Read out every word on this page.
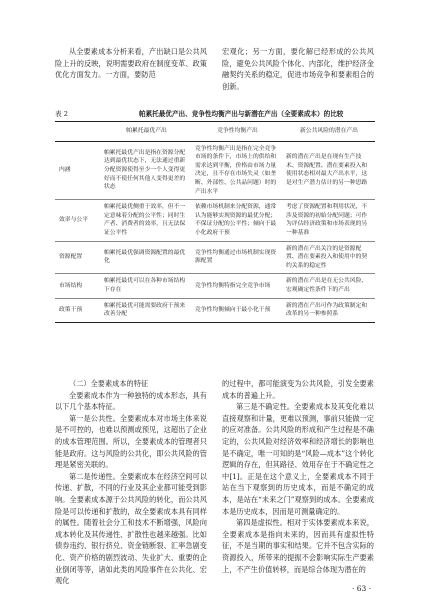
从全要素成本分析来看，产出缺口是公共风险上升的反映，说明需要政府在制度变革、政策优化方面发力。一方面，要防范

宏观化；另一方面，要化解已经形成的公共风险，避免公共风险个体化、内部化，维护经济金融契约关系的稳定，促进市场竞争和要素组合的创新。

表 2	帕累托最优产出、竞争性均衡产出与新潜在产出（全要素成本）的比较
	帕累托最优产出	竞争性均衡产出	新公共风险的潜在产出
内涵	帕累托最优产出是指在资源分配达到最优状态下，无法通过重新分配资源使得至少一个人变得更好而不使任何其他人变得更差的状态	竞争性均衡产出是指在完全竞争市场的条件下，市场上的供给和需求达到平衡，价格由市场力量决定，且不存在市场失灵（如垄断、外部性、公共品问题）时的产出水平	新的潜在产出是在现有生产技术、资源配置、潜在要素投入和使用状态相对最大产出水平，这是对生产潜力估计的另一种思路
效率与公平	帕累托最优侧重于效率，但不一定意味着分配的公平性；同时生产者、消费者的效率，且无法保证公平性	依赖市场机制来分配资源，通常认为能够实现资源的最优分配；不保证分配的公平性；倾向于最小化政府干预	考虑了资源配置和利用状况，不涉及资源的初始分配问题；可作为评估经济政策和市场表现的另一种基准
资源配置	帕累托最优强调资源配置的最优化	竞争性均衡通过市场机制实现资源配置	新的潜在产出关注的是资源配置、潜在要素投入和使用中的契约关系的稳定性
市场结构	帕累托最优可以在各种市场结构下存在	竞争性均衡特指完全竞争市场	新的潜在产出是在无公共风险、宏观确定性条件下的产出
政策干预	帕累托最优可能需要政府干预来改善分配	竞争性均衡倾向于最小化干预	新的潜在产出可作为政策制定和改革的另一种参照系

（二）全要素成本的特征

全要素成本作为一种独特的成本形态，具有以下几个基本特征。

第一是公共性。全要素成本对市场主体来说是不可控的，也难以预测或预见，这超出了企业的成本管理范围。所以，全要素成本的管理者只能是政府。这与风险的公共化，即公共风险的管理是紧密关联的。

第二是传递性。全要素成本在经济空间可以传递、扩散，不同的行业及其企业都可能受到影响。全要素成本源于公共风险的转化，而公共风险是可以传递和扩散的，故全要素成本具有同样的属性。随着社会分工和技术不断增强，风险向成本转化及其传递性、扩散性也越来越强。比如债券违约、银行挤兑、资金链断裂、汇率急剧变化、资产价格的剧烈波动、失业扩大、重要的企业倒闭等等，诸如此类的风险事件在公共化、宏观化

的过程中，都可能演变为公共风险，引发全要素成本的普遍上升。

第三是不确定性。全要素成本及其变化难以直接观察和计量，更难以预测，事前只能做一定的应对准备。公共风险的形成和产生过程是不确定的，公共风险对经济效率和经济增长的影响也是不确定，唯一可知的是“风险—成本”这个转化逻辑的存在，但其路径、效用存在于不确定性之中[1]。正是在这个意义上，全要素成本不同于站在当下观察到的历史成本，而是不确定的成本，是站在“未来之门”观察到的成本。全要素成本是历史成本，因而是可测量确定的。

第四是虚拟性。相对于实体要素成本来说，全要素成本是指向未来的，因而具有虚拟性特征，不是当期的事实和结果。它并不包含实际的资源投入，所带来的提振不会影响实际生产要素上，不产生价值转移，而是综合体现为潜在的

· 63 ·
